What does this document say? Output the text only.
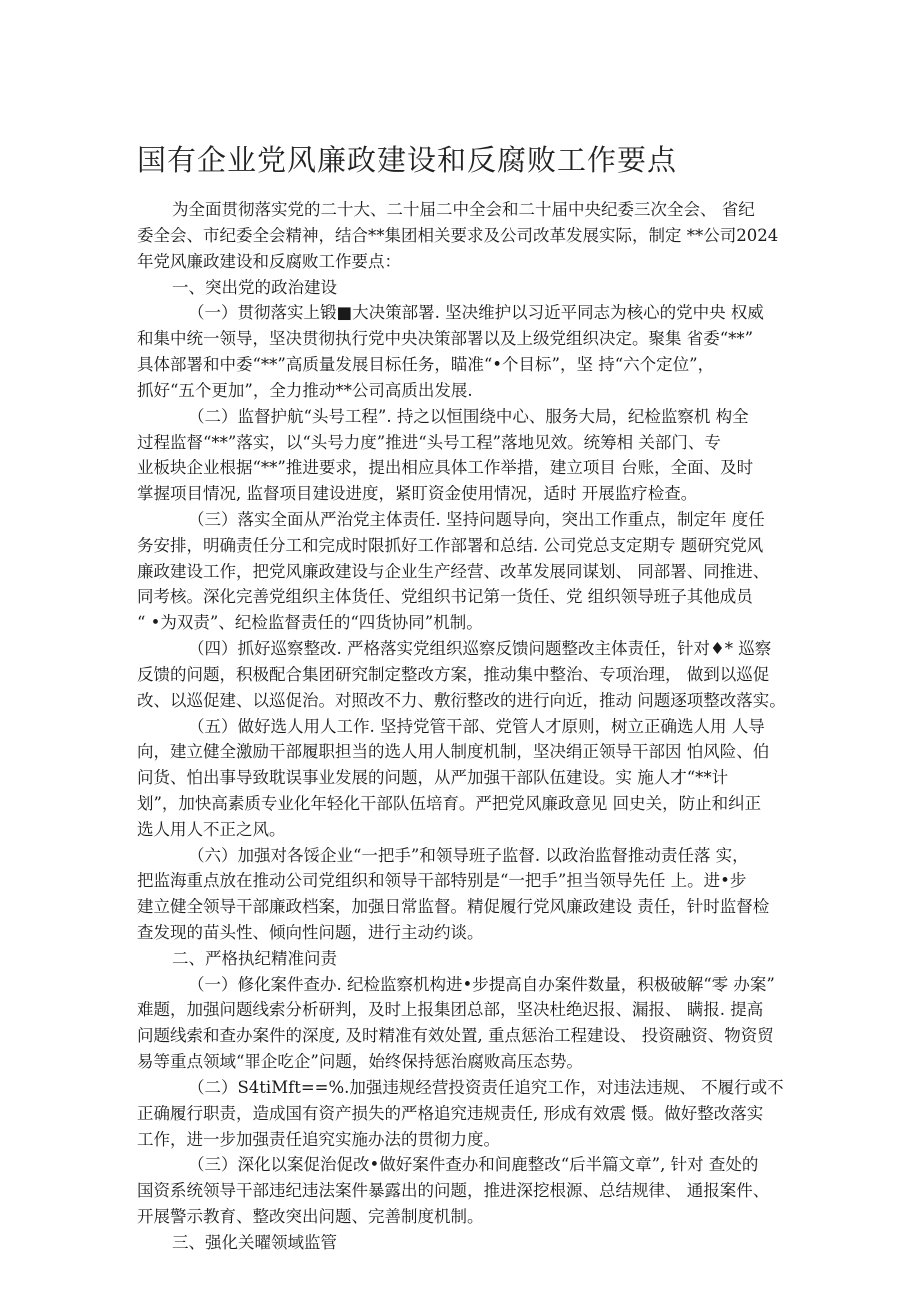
国有企业党风廉政建设和反腐败工作要点
为全面贯彻落实党的二十大、二十届二中全会和二十届中央纪委三次全会、 省纪
委全会、市纪委全会精神，结合**集团相关要求及公司改革发展实际，制定 **公司2024
年党风廉政建设和反腐败工作要点：
一、突出党的政治建设
（一）贯彻落实上锻■大决策部署. 坚决维护以习近平同志为核心的党中央 权威
和集中统一领导，坚决贯彻执行党中央决策部署以及上级党组织决定。聚集 省委“**”
具体部署和中委“**”高质量发展目标任务，瞄准“•个目标”，坚 持“六个定位”，
抓好“五个更加”，全力推动**公司高质出发展.
（二）监督护航“头号工程”. 持之以恒围绕中心、服务大局，纪检监察机 构全
过程监督“**”落实，以“头号力度”推进“头号工程”落地见效。统筹相 关部门、专
业板块企业根据“**”推进要求，提出相应具体工作举措，建立项目 台账，全面、及时
掌握项目情况, 监督项目建设进度，紧盯资金使用情况，适时 开展监疗检查。
（三）落实全面从严治党主体责任. 坚持问题导向，突出工作重点，制定年 度任
务安排，明确责任分工和完成时限抓好工作部署和总结. 公司党总支定期专 题研究党风
廉政建设工作，把党风廉政建设与企业生产经营、改革发展同谋划、 同部署、同推进、
同考核。深化完善党组织主体货任、党组织书记第一货任、党 组织领导班子其他成员
“ •为双责”、纪检监督责任的“四货协同”机制。
（四）抓好巡察整改. 严格落实党组织巡察反馈问题整改主体责任，针对♦* 巡察
反馈的问题，积极配合集团研究制定整改方案，推动集中整治、专项治理， 做到以巡促
改、以巡促建、以巡促治。对照改不力、敷衍整改的进行向近，推动 问题逐项整改落实。
（五）做好选人用人工作. 坚持党管干部、党管人才原则，树立正确选人用 人导
向，建立健全激励干部履职担当的选人用人制度机制，坚决绢正领导干部因 怕风险、伯
问货、怕出事导致耽误事业发展的问题，从严加强干部队伍建设。实 施人才“**计
划”，加快高素质专业化年轻化干部队伍培育。严把党风廉政意见 回史关，防止和纠正
选人用人不正之风。
（六）加强对各馁企业“一把手”和领导班子监督. 以政治监督推动责任落 实，
把监海重点放在推动公司党组织和领导干部特别是“一把手”担当领导先任 上。进•步
建立健全领导干部廉政档案，加强日常监督。精促履行党风廉政建设 责任，针时监督检
查发现的苗头性、倾向性问题，进行主动约谈。
二、严格执纪精准问责
（一）修化案件查办. 纪检监察机构进•步提高自办案件数量，积极破解“零 办案”
难题，加强问题线索分析研判，及时上报集团总部，坚决杜绝迟报、漏报、 瞒报. 提高
问题线索和查办案件的深度, 及时精准有效处置, 重点惩治工程建设、 投资融资、物资贸
易等重点领域“罪企吃企”问题，始终保持惩治腐败高压态势。
（二）S4tiMft==%.加强违规经营投资责任追究工作，对违法违规、 不履行或不
正确履行职责，造成国有资产损失的严格追究违规责任, 形成有效震 慑。做好整改落实
工作，进一步加强责任追究实施办法的贯彻力度。
（三）深化以案促治促改•做好案件查办和间鹿整改“后半篇文章”, 针对 查处的
国资系统领导干部违纪违法案件暴露出的问题，推进深挖根源、总结规律、 通报案件、
开展警示教育、整改突出问题、完善制度机制。
三、强化关曜领域监管
